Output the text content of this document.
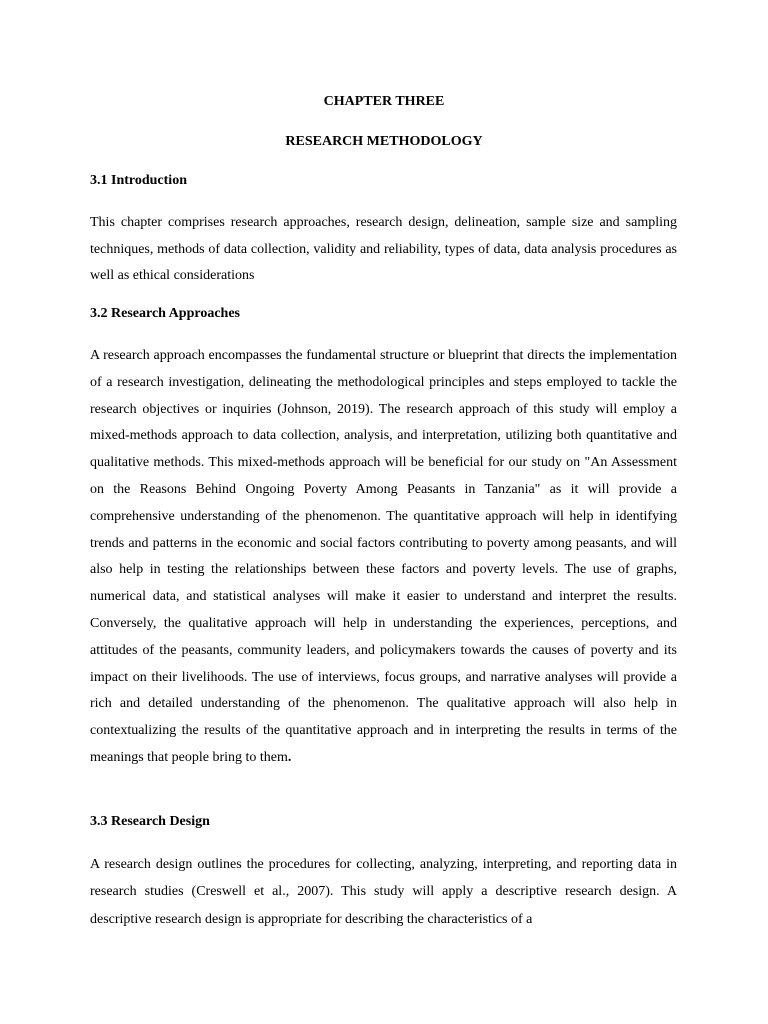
CHAPTER THREE
RESEARCH METHODOLOGY
3.1 Introduction

This chapter comprises research approaches, research design, delineation, sample size and sampling techniques, methods of data collection, validity and reliability, types of data, data analysis procedures as well as ethical considerations

3.2 Research Approaches

A research approach encompasses the fundamental structure or blueprint that directs the implementation of a research investigation, delineating the methodological principles and steps employed to tackle the research objectives or inquiries (Johnson, 2019). The research approach of this study will employ a mixed-methods approach to data collection, analysis, and interpretation, utilizing both quantitative and qualitative methods. This mixed-methods approach will be beneficial for our study on "An Assessment on the Reasons Behind Ongoing Poverty Among Peasants in Tanzania" as it will provide a comprehensive understanding of the phenomenon. The quantitative approach will help in identifying trends and patterns in the economic and social factors contributing to poverty among peasants, and will also help in testing the relationships between these factors and poverty levels. The use of graphs, numerical data, and statistical analyses will make it easier to understand and interpret the results. Conversely, the qualitative approach will help in understanding the experiences, perceptions, and attitudes of the peasants, community leaders, and policymakers towards the causes of poverty and its impact on their livelihoods. The use of interviews, focus groups, and narrative analyses will provide a rich and detailed understanding of the phenomenon. The qualitative approach will also help in contextualizing the results of the quantitative approach and in interpreting the results in terms of the meanings that people bring to them.

3.3 Research Design

A research design outlines the procedures for collecting, analyzing, interpreting, and reporting data in research studies (Creswell et al., 2007). This study will apply a descriptive research design. A descriptive research design is appropriate for describing the characteristics of a
